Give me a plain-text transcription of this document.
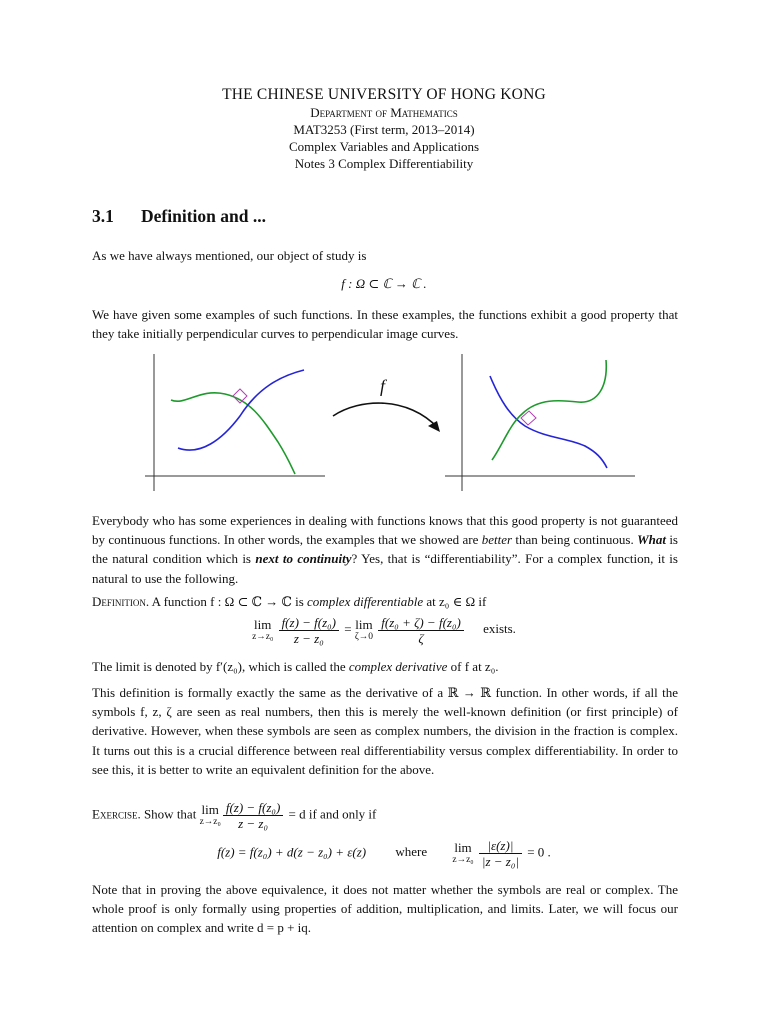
THE CHINESE UNIVERSITY OF HONG KONG
Department of Mathematics
MAT3253 (First term, 2013–2014)
Complex Variables and Applications
Notes 3 Complex Differentiability
3.1 Definition and ...
As we have always mentioned, our object of study is
f : Ω ⊂ ℂ → ℂ .
We have given some examples of such functions. In these examples, the functions exhibit a good property that they take initially perpendicular curves to perpendicular image curves.
f
Everybody who has some experiences in dealing with functions knows that this good property is not guaranteed by continuous functions. In other words, the examples that we showed are better than being continuous. What is the natural condition which is next to continuity? Yes, that is “differentiability”. For a complex function, it is natural to use the following.
Definition. A function f : Ω ⊂ ℂ → ℂ is complex differentiable at z₀ ∈ Ω if
lim
z→z₀
$\frac{\text{f(z) − f(z₀)}}{\text{z − z₀}} = \lim$
ζ→0
$\frac{\text{f(z₀ + ζ) − f(z₀)}}{\zeta}$ exists.
The limit is denoted by f′(z₀), which is called the complex derivative of f at z₀.
This definition is formally exactly the same as the derivative of a ℝ → ℝ function. In other words, if all the symbols f, z, ζ are seen as real numbers, then this is merely the well-known definition (or first principle) of derivative. However, when these symbols are seen as complex numbers, the division in the fraction is complex. It turns out this is a crucial difference between real differentiability versus complex differentiability. In order to see this, it is better to write an equivalent definition for the above.
Exercise. Show that lim
$z\to z_0 \frac{\text{f(z) − f(z₀)}}{\text{z − z₀}} = d$ if and only if
f(z) = f(z₀) + d(z − z₀) + ε(z) where lim
z→z₀
$\frac{|\varepsilon(z)|}{\text{|z − z₀|}} = 0$ .
Note that in proving the above equivalence, it does not matter whether the symbols are real or complex. The whole proof is only formally using properties of addition, multiplication, and limits. Later, we will focus our attention on complex and write d = p + iq.
